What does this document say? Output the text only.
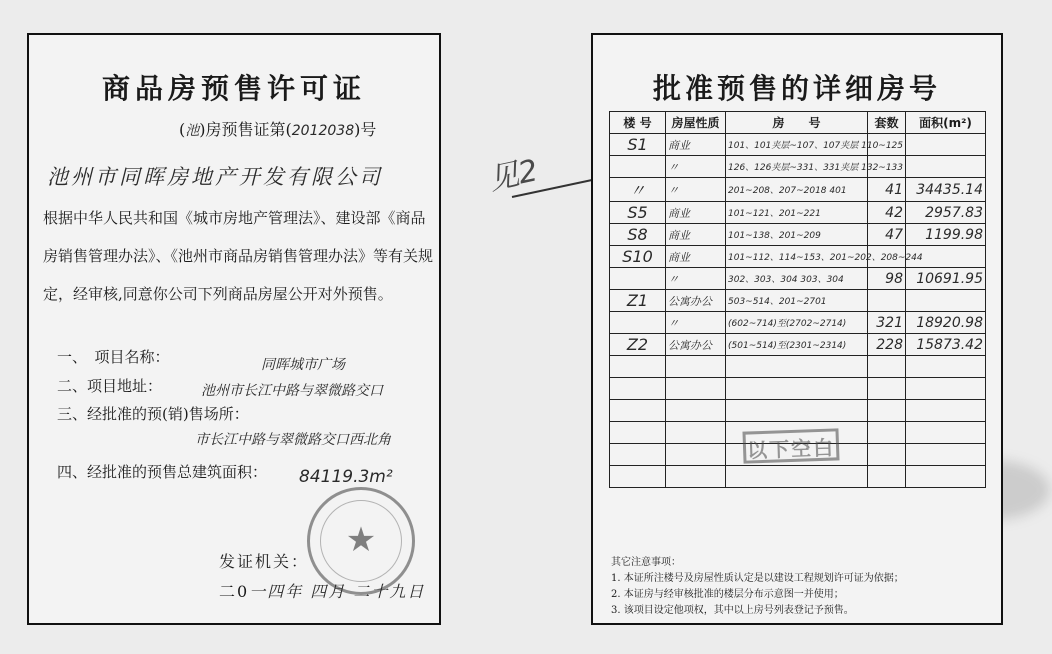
商品房预售许可证
(池)房预售证第(2012038)号
池州市同晖房地产开发有限公司
根据中华人民共和国《城市房地产管理法》、建设部《商品房销售管理办法》、《池州市商品房销售管理办法》等有关规定，经审核,同意你公司下列商品房屋公开对外预售。
一、　项目名称：	同晖城市广场
二、项目地址：	池州市长江中路与翠微路交口
三、经批准的预(销)售场所：
市长江中路与翠微路交口西北角
四、经批准的预售总建筑面积： 84119.3m²
★
发证机关：
二0一四年 四月 二十九日
见2
批准预售的详细房号
楼 号	房屋性质	房　　号	套数	面积(m²)
S1	商业	101、101夹层~107、107夹层 110~125		
	〃	126、126夹层~331、331夹层 132~133		
〃	〃	201~208、207~2018 401	41	34435.14
S5	商业	101~121、201~221	42	2957.83
S8	商业	101~138、201~209	47	1199.98
S10	商业	101~112、114~153、201~202、208~244		
	〃	302、303、304 303、304	98	10691.95
Z1	公寓办公	503~514、201~2701		
	〃	(602~714)至(2702~2714)	321	18920.98
Z2	公寓办公	(501~514)至(2301~2314)	228	15873.42

以下空白
其它注意事项：
1. 本证所注楼号及房屋性质认定是以建设工程规划许可证为依据；
2. 本证房与经审核批准的楼层分布示意图一并使用；
3. 该项目设定他项权，其中以上房号列表登记予预售。
